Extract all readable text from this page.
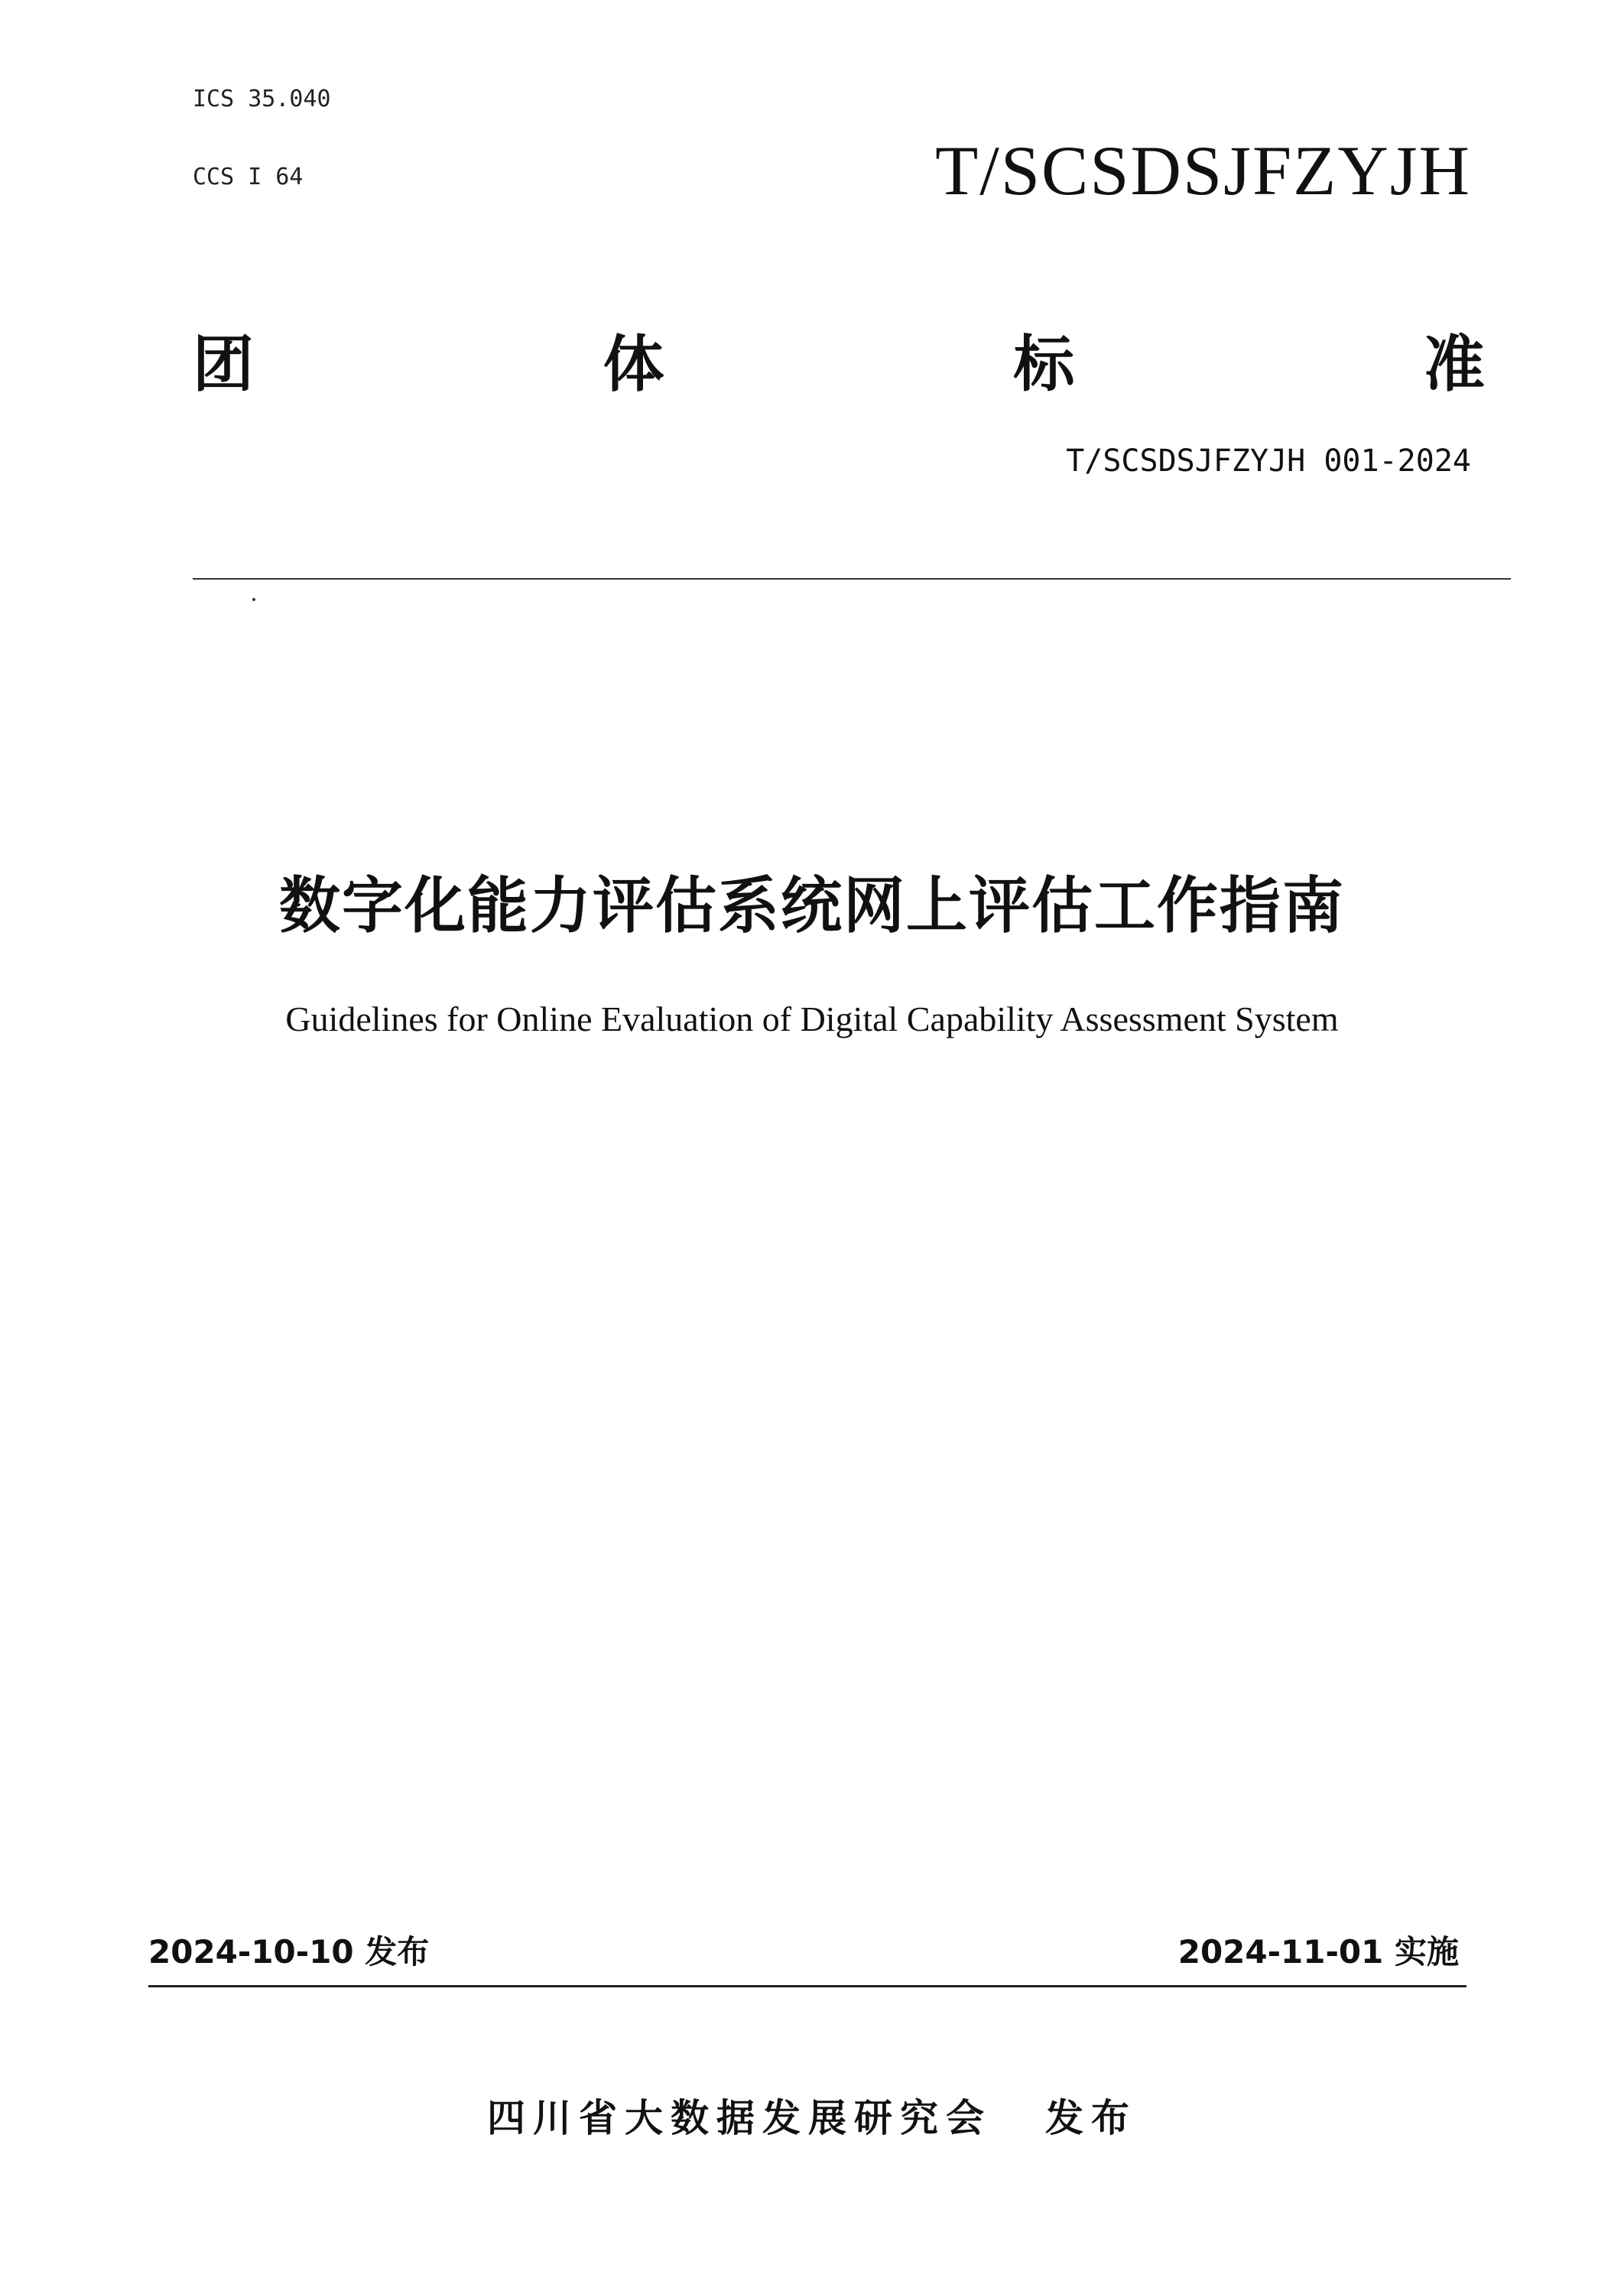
ICS 35.040
CCS I 64	T/SCSDSJFZYJH
团	体	标	准
T/SCSDSJFZYJH 001-2024
数字化能力评估系统网上评估工作指南
Guidelines for Online Evaluation of Digital Capability Assessment System
2024-10-10 发布	2024-11-01 实施
四川省大数据发展研究会 发布
